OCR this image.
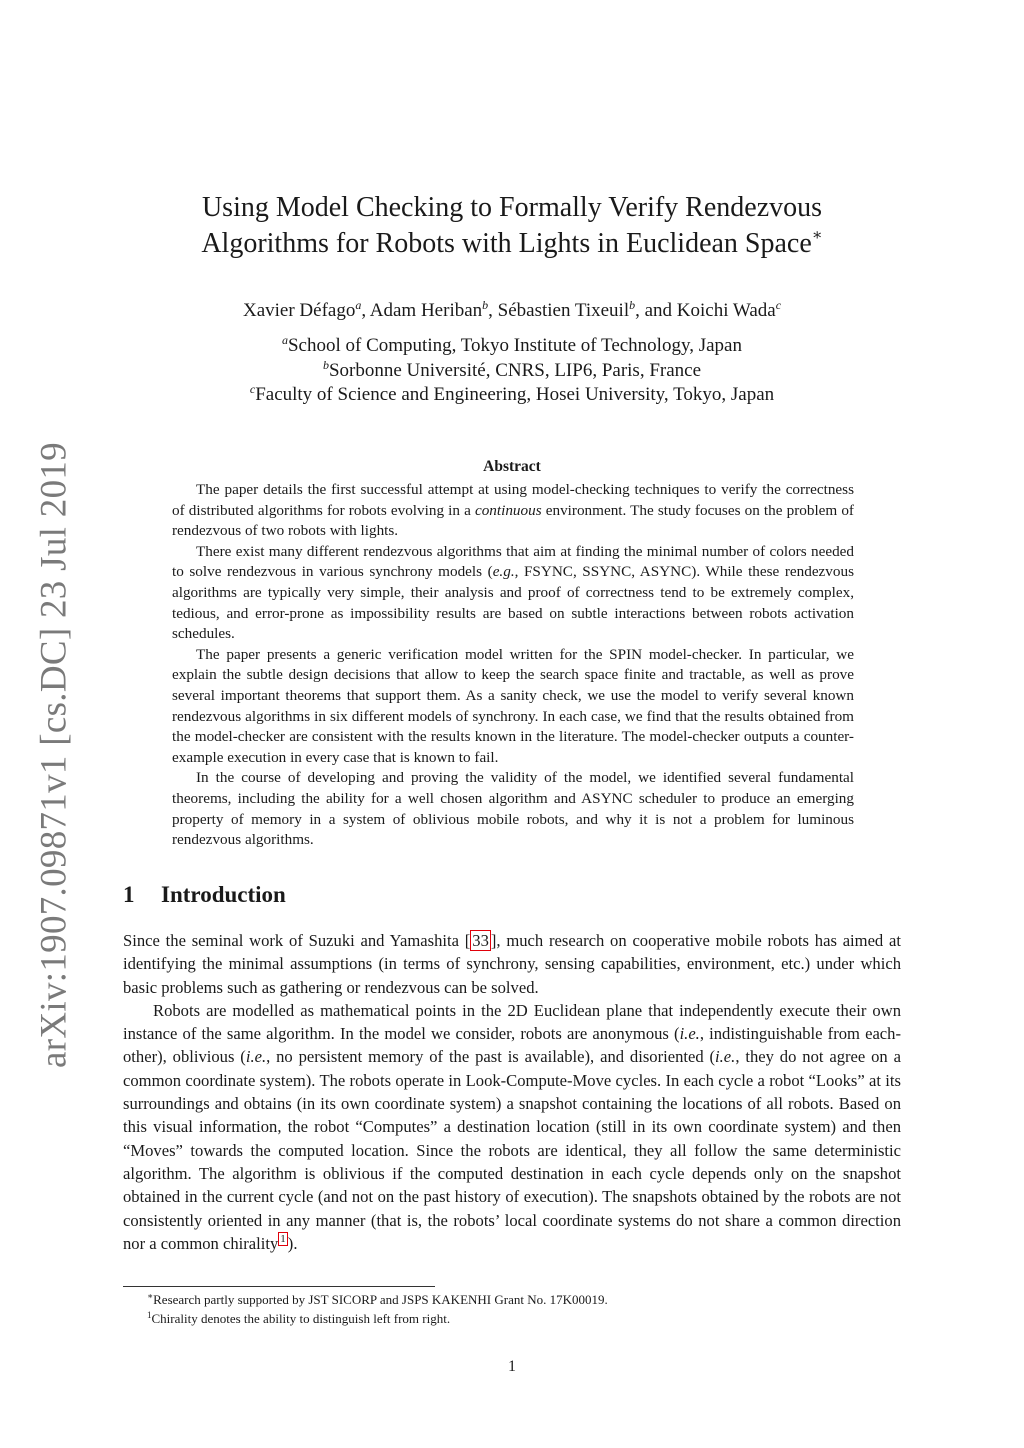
arXiv:1907.09871v1 [cs.DC] 23 Jul 2019
Using Model Checking to Formally Verify Rendezvous
Algorithms for Robots with Lights in Euclidean Space∗
Xavier Défago$^a$, Adam Heriban$^b$, Sébastien Tixeuil$^b$, and Koichi Wada$^c$
$^a$School of Computing, Tokyo Institute of Technology, Japan
$^b$Sorbonne Université, CNRS, LIP6, Paris, France
$^c$Faculty of Science and Engineering, Hosei University, Tokyo, Japan
Abstract

The paper details the first successful attempt at using model-checking techniques to verify the correctness of distributed algorithms for robots evolving in a continuous environment. The study focuses on the problem of rendezvous of two robots with lights.

There exist many different rendezvous algorithms that aim at finding the minimal number of colors needed to solve rendezvous in various synchrony models (e.g., FSYNC, SSYNC, ASYNC). While these rendezvous algorithms are typically very simple, their analysis and proof of correctness tend to be extremely complex, tedious, and error-prone as impossibility results are based on subtle interactions between robots activation schedules.

The paper presents a generic verification model written for the SPIN model-checker. In particular, we explain the subtle design decisions that allow to keep the search space finite and tractable, as well as prove several important theorems that support them. As a sanity check, we use the model to verify several known rendezvous algorithms in six different models of synchrony. In each case, we find that the results obtained from the model-checker are consistent with the results known in the literature. The model-checker outputs a counter-example execution in every case that is known to fail.

In the course of developing and proving the validity of the model, we identified several fundamental theorems, including the ability for a well chosen algorithm and ASYNC scheduler to produce an emerging property of memory in a system of oblivious mobile robots, and why it is not a problem for luminous rendezvous algorithms.

1 Introduction

Since the seminal work of Suzuki and Yamashita [ 33 ], much research on cooperative mobile robots has aimed at identifying the minimal assumptions (in terms of synchrony, sensing capabilities, environment, etc.) under which basic problems such as gathering or rendezvous can be solved.

Robots are modelled as mathematical points in the 2D Euclidean plane that independently execute their own instance of the same algorithm. In the model we consider, robots are anonymous (i.e., indistinguishable from each-other), oblivious (i.e., no persistent memory of the past is available), and disoriented (i.e., they do not agree on a common coordinate system). The robots operate in Look-Compute-Move cycles. In each cycle a robot “Looks” at its surroundings and obtains (in its own coordinate system) a snapshot containing the locations of all robots. Based on this visual information, the robot “Computes” a destination location (still in its own coordinate system) and then “Moves” towards the computed location. Since the robots are identical, they all follow the same deterministic algorithm. The algorithm is oblivious if the computed destination in each cycle depends only on the snapshot obtained in the current cycle (and not on the past history of execution). The snapshots obtained by the robots are not consistently oriented in any manner (that is, the robots’ local coordinate systems do not share a common direction nor a common chirality $^1$ ).

∗Research partly supported by JST SICORP and JSPS KAKENHI Grant No. 17K00019.
$^1$Chirality denotes the ability to distinguish left from right.
1
